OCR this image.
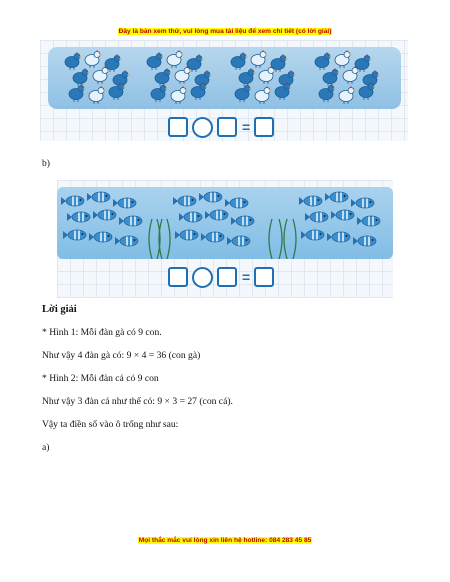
Đây là bản xem thử, vui lòng mua tài liệu để xem chi tiết (có lời giải)
=
b)
=
Lời giải
* Hình 1: Mỗi đàn gà có 9 con.
Như vậy 4 đàn gà có: 9 × 4 = 36 (con gà)
* Hình 2: Mỗi đàn cá có 9 con
Như vậy 3 đàn cá như thế có: 9 × 3 = 27 (con cá).
Vậy ta điền số vào ô trống như sau:
a)
Mọi thắc mắc vui lòng xin liên hệ hotline: 084 283 45 85
